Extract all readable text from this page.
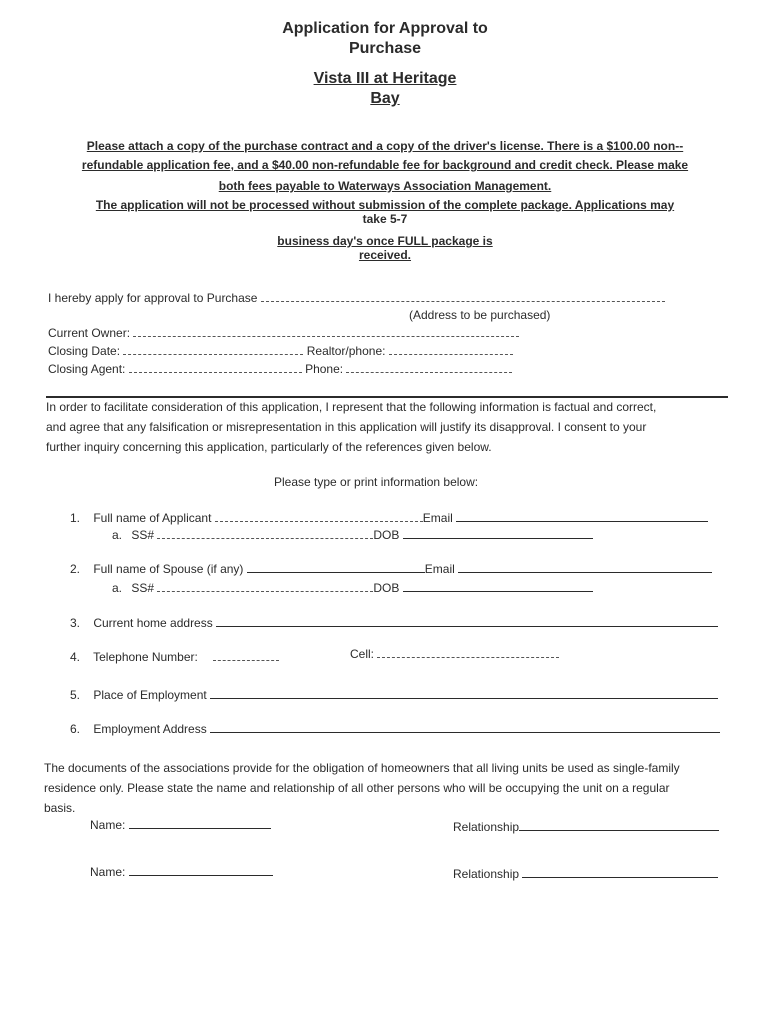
Application for Approval to
Purchase
Vista III at Heritage
Bay
Please attach a copy of the purchase contract and a copy of the driver's license. There is a $100.00 non--
refundable application fee, and a $40.00 non-refundable fee for background and credit check. Please make
both fees payable to Waterways Association Management.
The application will not be processed without submission of the complete package. Applications may
take 5-7
business day's once FULL package is
received.
I hereby apply for approval to Purchase
(Address to be purchased)
Current Owner:
Closing Date:	Realtor/phone:
Closing Agent:	Phone:
In order to facilitate consideration of this application, I represent that the following information is factual and correct,
and agree that any falsification or misrepresentation in this application will justify its disapproval. I consent to your
further inquiry concerning this application, particularly of the references given below.
Please type or print information below:
1. Full name of Applicant	Email
a. SS#	DOB
2. Full name of Spouse (if any)	Email
a. SS#	DOB
3. Current home address
4. Telephone Number:	Cell:
5. Place of Employment
6. Employment Address
The documents of the associations provide for the obligation of homeowners that all living units be used as single-family
residence only. Please state the name and relationship of all other persons who will be occupying the unit on a regular
basis.
Name:	Relationship
Name:	Relationship
